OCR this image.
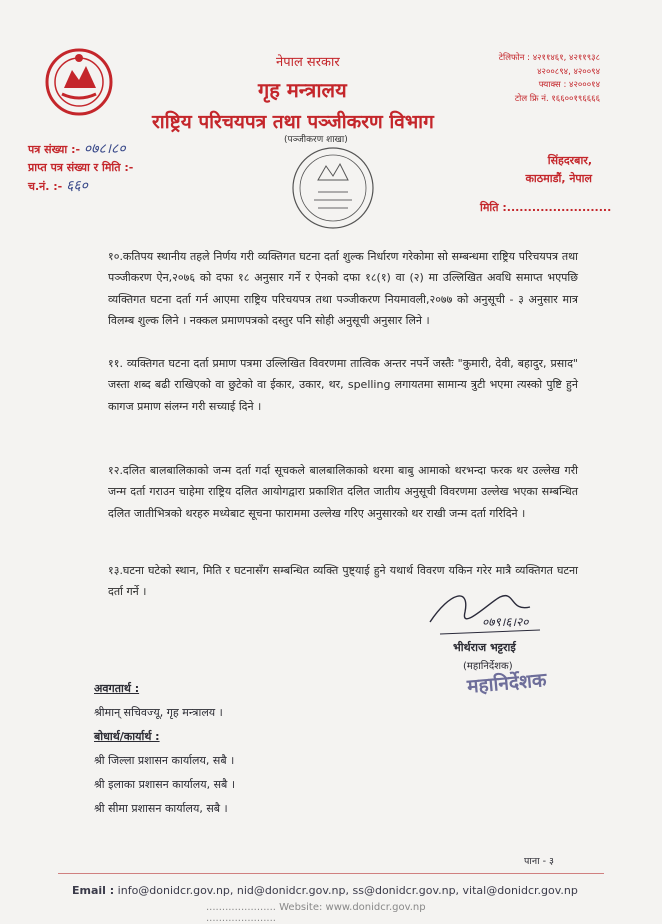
नेपाल सरकार
गृह मन्त्रालय
राष्ट्रिय परिचयपत्र तथा पञ्जीकरण विभाग
(पञ्जीकरण शाखा)
टेलिफोन : ४२११४६१, ४२११९३८
४२००८९४, ४२००९४
फ्याक्स : ४२०००१४
टोल फ्रि नं. १६६००१९६६६६
पत्र संख्या :- ०७८।८०
प्राप्त पत्र संख्या र मिति :-
च.नं. :- ६६०
सिंहदरबार,
काठमाडौं, नेपाल
मिति :.........................

१०.कतिपय स्थानीय तहले निर्णय गरी व्यक्तिगत घटना दर्ता शुल्क निर्धारण गरेकोमा सो सम्बन्धमा राष्ट्रिय परिचयपत्र तथा पञ्जीकरण ऐन,२०७६ को दफा १८ अनुसार गर्ने र ऐनको दफा १८(१) वा (२) मा उल्लिखित अवधि समाप्त भएपछि व्यक्तिगत घटना दर्ता गर्न आएमा राष्ट्रिय परिचयपत्र तथा पञ्जीकरण नियमावली,२०७७ को अनुसूची - ३ अनुसार मात्र विलम्ब शुल्क लिने । नक्कल प्रमाणपत्रको दस्तुर पनि सोही अनुसूची अनुसार लिने ।

११. व्यक्तिगत घटना दर्ता प्रमाण पत्रमा उल्लिखित विवरणमा तात्विक अन्तर नपर्ने जस्तैः "कुमारी, देवी, बहादुर, प्रसाद" जस्ता शब्द बढी राखिएको वा छुटेको वा ईकार, उकार, थर, spelling लगायतमा सामान्य त्रुटी भएमा त्यस्को पुष्टि हुने कागज प्रमाण संलग्न गरी सच्याई दिने ।

१२.दलित बालबालिकाको जन्म दर्ता गर्दा सूचकले बालबालिकाको थरमा बाबु आमाको थरभन्दा फरक थर उल्लेख गरी जन्म दर्ता गराउन चाहेमा राष्ट्रिय दलित आयोगद्वारा प्रकाशित दलित जातीय अनुसूची विवरणमा उल्लेख भएका सम्बन्धित दलित जातीभित्रको थरहरु मध्येबाट सूचना फाराममा उल्लेख गरिए अनुसारको थर राखी जन्म दर्ता गरिदिने ।

१३.घटना घटेको स्थान, मिति र घटनासँग सम्बन्धित व्यक्ति पुष्ट्याई हुने यथार्थ विवरण यकिन गरेर मात्रै व्यक्तिगत घटना दर्ता गर्ने ।

०७९।६।२०
भीर्थराज भट्टराई
(महानिर्देशक)
महानिर्देशक
अवगतार्थ :
श्रीमान् सचिवज्यू, गृह मन्त्रालय ।
बोधार्थ/कार्यार्थ :
श्री जिल्ला प्रशासन कार्यालय, सबै ।
श्री इलाका प्रशासन कार्यालय, सबै ।
श्री सीमा प्रशासन कार्यालय, सबै ।
पाना - ३
Email : info@donidcr.gov.np, nid@donidcr.gov.np, ss@donidcr.gov.np, vital@donidcr.gov.np
...................... Website: www.donidcr.gov.np ......................
